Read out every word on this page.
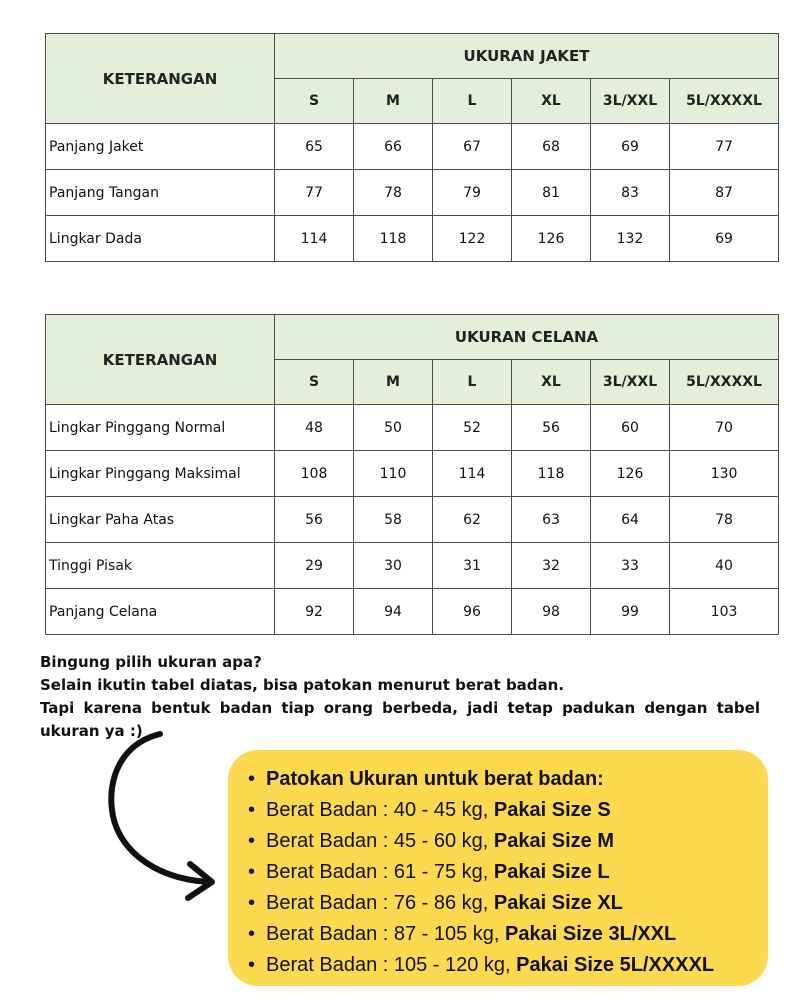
KETERANGAN	UKURAN JAKET					
	S	M	L	XL	3L/XXL	5L/XXXXL
Panjang Jaket	65	66	67	68	69	77
Panjang Tangan	77	78	79	81	83	87
Lingkar Dada	114	118	122	126	132	69
KETERANGAN	UKURAN CELANA					
	S	M	L	XL	3L/XXL	5L/XXXXL
Lingkar Pinggang Normal	48	50	52	56	60	70
Lingkar Pinggang Maksimal	108	110	114	118	126	130
Lingkar Paha Atas	56	58	62	63	64	78
Tinggi Pisak	29	30	31	32	33	40
Panjang Celana	92	94	96	98	99	103
Bingung pilih ukuran apa?
Selain ikutin tabel diatas, bisa patokan menurut berat badan.
Tapi karena bentuk badan tiap orang berbeda, jadi tetap padukan dengan tabel ukuran ya :)
• Patokan Ukuran untuk berat badan:
• Berat Badan : 40 - 45 kg, Pakai Size S
• Berat Badan : 45 - 60 kg, Pakai Size M
• Berat Badan : 61 - 75 kg, Pakai Size L
• Berat Badan : 76 - 86 kg, Pakai Size XL
• Berat Badan : 87 - 105 kg, Pakai Size 3L/XXL
• Berat Badan : 105 - 120 kg, Pakai Size 5L/XXXXL
